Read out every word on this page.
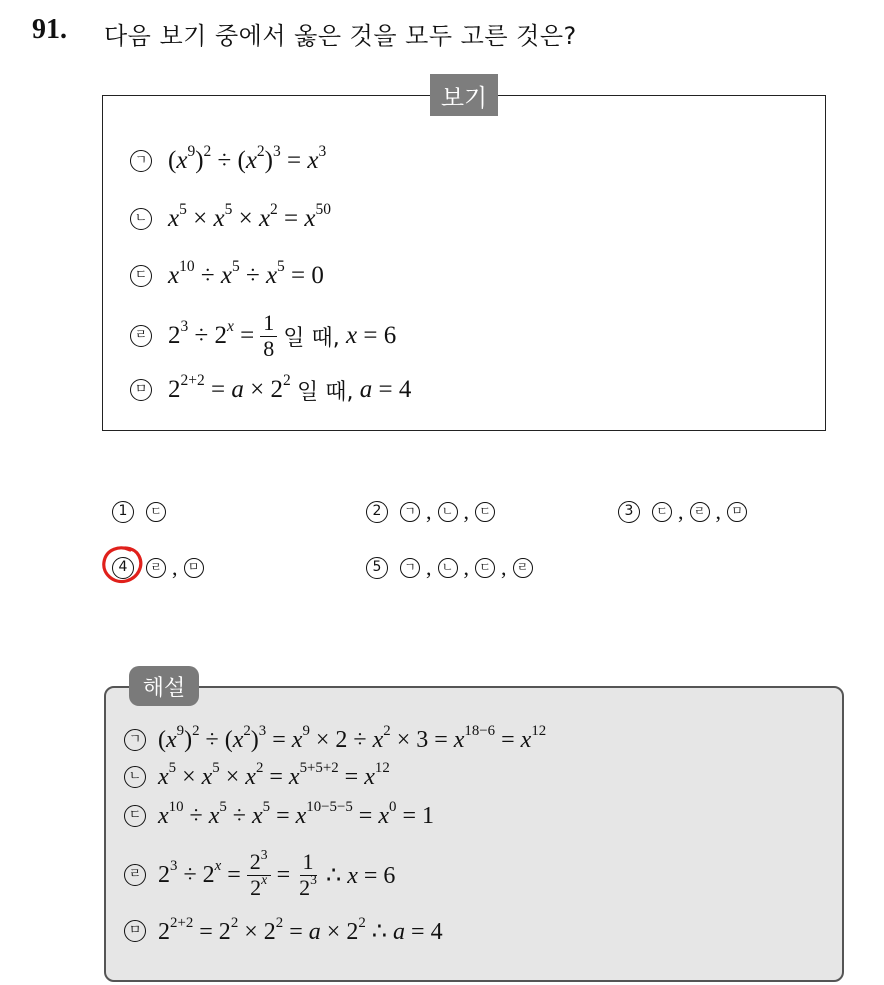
91. 다음 보기 중에서 옳은 것을 모두 고른 것은?
보기
ㄱ $(x^9)^2 \div (x^2)^3 = x^3$
ㄴ $x^5 \times x^5 \times x^2 = x^{50}$
ㄷ $x^{10} \div x^5 \div x^5 = 0$
ㄹ $2^3 \div 2^x = \frac{1}{8}$ 일 때, x = 6
ㅁ $2^{2+2} = a \times 2^2$ 일 때, a = 4
1	ㄷ	2	ㄱ , ㄴ , ㄷ	3	ㄷ , ㄹ , ㅁ
4	ㄹ , ㅁ	5	ㄱ , ㄴ , ㄷ , ㄹ
해설
ㄱ $(x^9)^2 \div (x^2)^3 = x^9 \times 2 \div x^2 \times 3 = x^{18-6} = x^{12}$
ㄴ $x^5 \times x^5 \times x^2 = x^{5+5+2} = x^{12}$
ㄷ $x^{10} \div x^5 \div x^5 = x^{10-5-5} = x^0 = 1$
ㄹ $2^3 \div 2^x = \frac{2^3}{2^x} = \frac{1}{2^3}$ ∴ x = 6
ㅁ $2^{2+2} = 2^2 \times 2^2 = a \times 2^2$ ∴ a = 4
